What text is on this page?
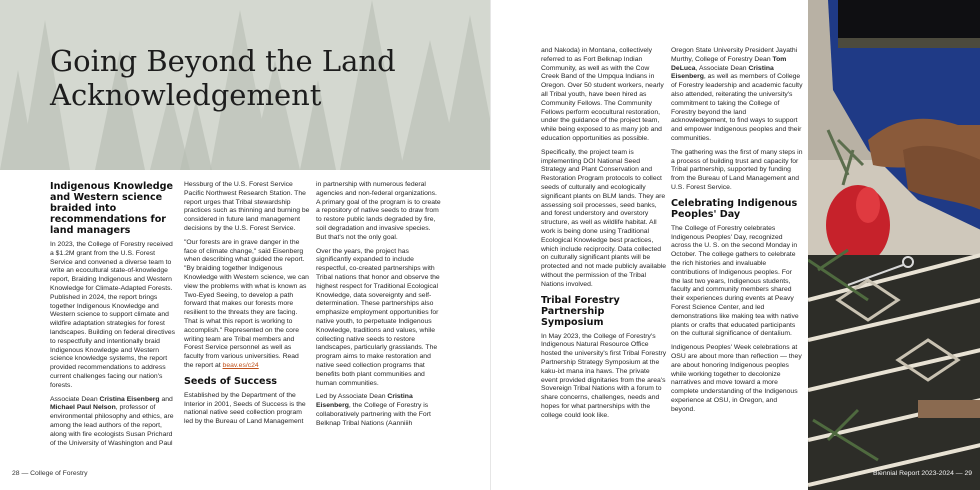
Going Beyond the Land
Acknowledgement
Indigenous Knowledge and Western science braided into recommendations for land managers

In 2023, the College of Forestry received a $1.2M grant from the U.S. Forest Service and convened a diverse team to write an ecocultural state-of-knowledge report, Braiding Indigenous and Western Knowledge for Climate-Adapted Forests. Published in 2024, the report brings together Indigenous Knowledge and Western science to support climate and wildfire adaptation strategies for forest landscapes. Building on federal directives to respectfully and intentionally braid Indigenous Knowledge and Western science knowledge systems, the report provided recommendations to address current challenges facing our nation's forests.

Associate Dean Cristina Eisenberg and Michael Paul Nelson, professor of environmental philosophy and ethics, are among the lead authors of the report, along with fire ecologists Susan Prichard of the University of Washington and Paul

Hessburg of the U.S. Forest Service Pacific Northwest Research Station. The report urges that Tribal stewardship practices such as thinning and burning be considered in future land management decisions by the U.S. Forest Service.

"Our forests are in grave danger in the face of climate change," said Eisenberg when describing what guided the report. "By braiding together Indigenous Knowledge with Western science, we can view the problems with what is known as Two-Eyed Seeing, to develop a path forward that makes our forests more resilient to the threats they are facing. That is what this report is working to accomplish." Represented on the core writing team are Tribal members and Forest Service personnel as well as faculty from various universities. Read the report at beav.es/c24

Seeds of Success

Established by the Department of the Interior in 2001, Seeds of Success is the national native seed collection program led by the Bureau of Land Management

in partnership with numerous federal agencies and non-federal organizations. A primary goal of the program is to create a repository of native seeds to draw from to restore public lands degraded by fire, soil degradation and invasive species. But that's not the only goal.

Over the years, the project has significantly expanded to include respectful, co-created partnerships with Tribal nations that honor and observe the highest respect for Traditional Ecological Knowledge, data sovereignty and self-determination. These partnerships also emphasize employment opportunities for native youth, to perpetuate Indigenous Knowledge, traditions and values, while collecting native seeds to restore landscapes, particularly grasslands. The program aims to make restoration and native seed collection programs that benefits both plant communities and human communities.

Led by Associate Dean Cristina Eisenberg, the College of Forestry is collaboratively partnering with the Fort Belknap Tribal Nations (Aanniiih

28 — College of Forestry

and Nakoda) in Montana, collectively referred to as Fort Belknap Indian Community, as well as with the Cow Creek Band of the Umpqua Indians in Oregon. Over 50 student workers, nearly all Tribal youth, have been hired as Community Fellows. The Community Fellows perform ecocultural restoration, under the guidance of the project team, while being exposed to as many job and education opportunities as possible.

Specifically, the project team is implementing DOI National Seed Strategy and Plant Conservation and Restoration Program protocols to collect seeds of culturally and ecologically significant plants on BLM lands. They are assessing soil processes, seed banks, and forest understory and overstory structure, as well as wildlife habitat. All work is being done using Traditional Ecological Knowledge best practices, which include reciprocity. Data collected on culturally significant plants will be protected and not made publicly available without the permission of the Tribal Nations involved.

Tribal Forestry Partnership Symposium

In May 2023, the College of Forestry's Indigenous Natural Resource Office hosted the university's first Tribal Forestry Partnership Strategy Symposium at the kaku-ixt mana ina haws. The private event provided dignitaries from the area's Sovereign Tribal Nations with a forum to share concerns, challenges, needs and hopes for what partnerships with the college could look like.

Oregon State University President Jayathi Murthy, College of Forestry Dean Tom DeLuca, Associate Dean Cristina Eisenberg, as well as members of College of Forestry leadership and academic faculty also attended, reiterating the university's commitment to taking the College of Forestry beyond the land acknowledgement, to find ways to support and empower Indigenous peoples and their communities.

The gathering was the first of many steps in a process of building trust and capacity for Tribal partnership, supported by funding from the Bureau of Land Management and U.S. Forest Service.

Celebrating Indigenous Peoples' Day

The College of Forestry celebrates Indigenous Peoples' Day, recognized across the U. S. on the second Monday in October. The college gathers to celebrate the rich histories and invaluable contributions of Indigenous peoples. For the last two years, Indigenous students, faculty and community members shared their experiences during events at Peavy Forest Science Center, and led demonstrations like making tea with native plants or crafts that educated participants on the cultural significance of dentalium.

Indigenous Peoples' Week celebrations at OSU are about more than reflection — they are about honoring Indigenous peoples while working together to decolonize narratives and move toward a more complete understanding of the Indigenous experience at OSU, in Oregon, and beyond.

Biennial Report 2023-2024 — 29
